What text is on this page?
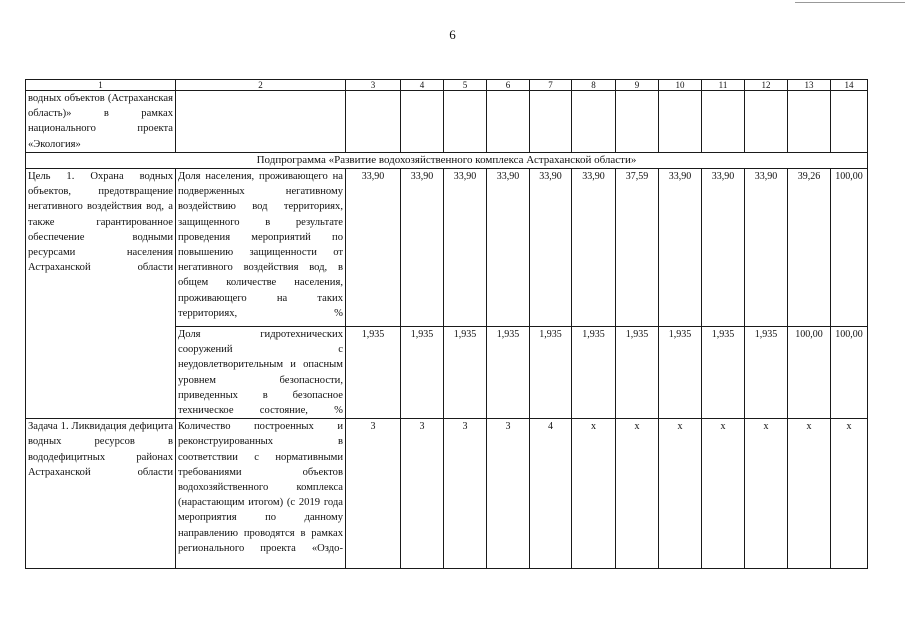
6
1	2	3	4	5	6	7	8	9	10	11	12	13	14
водных объектов (Астраханская область)» в рамках национального проекта «Экология»													
Подпрограмма «Развитие водохозяйственного комплекса Астраханской области»													
Цель 1. Охрана водных объектов, предотвращение негативного воздействия вод, а также гарантированное обеспечение водными ресурсами населения Астраханской области	Доля населения, проживающего на подверженных негативному воздействию вод территориях, защищенного в результате проведения мероприятий по повышению защищенности от негативного воздействия вод, в общем количестве населения, проживающего на таких территориях, %	33,90	33,90	33,90	33,90	33,90	33,90	37,59	33,90	33,90	33,90	39,26	100,00
	Доля гидротехнических сооружений с неудовлетворительным и опасным уровнем безопасности, приведенных в безопасное техническое состояние, %	1,935	1,935	1,935	1,935	1,935	1,935	1,935	1,935	1,935	1,935	100,00	100,00
Задача 1. Ликвидация дефицита водных ресурсов в вододефицитных районах Астраханской области	Количество построенных и реконструированных в соответствии с нормативными требованиями объектов водохозяйственного комплекса (нарастающим итогом) (с 2019 года мероприятия по данному направлению проводятся в рамках регионального проекта «Оздо-	3	3	3	3	4	х	х	х	х	х	х	х
